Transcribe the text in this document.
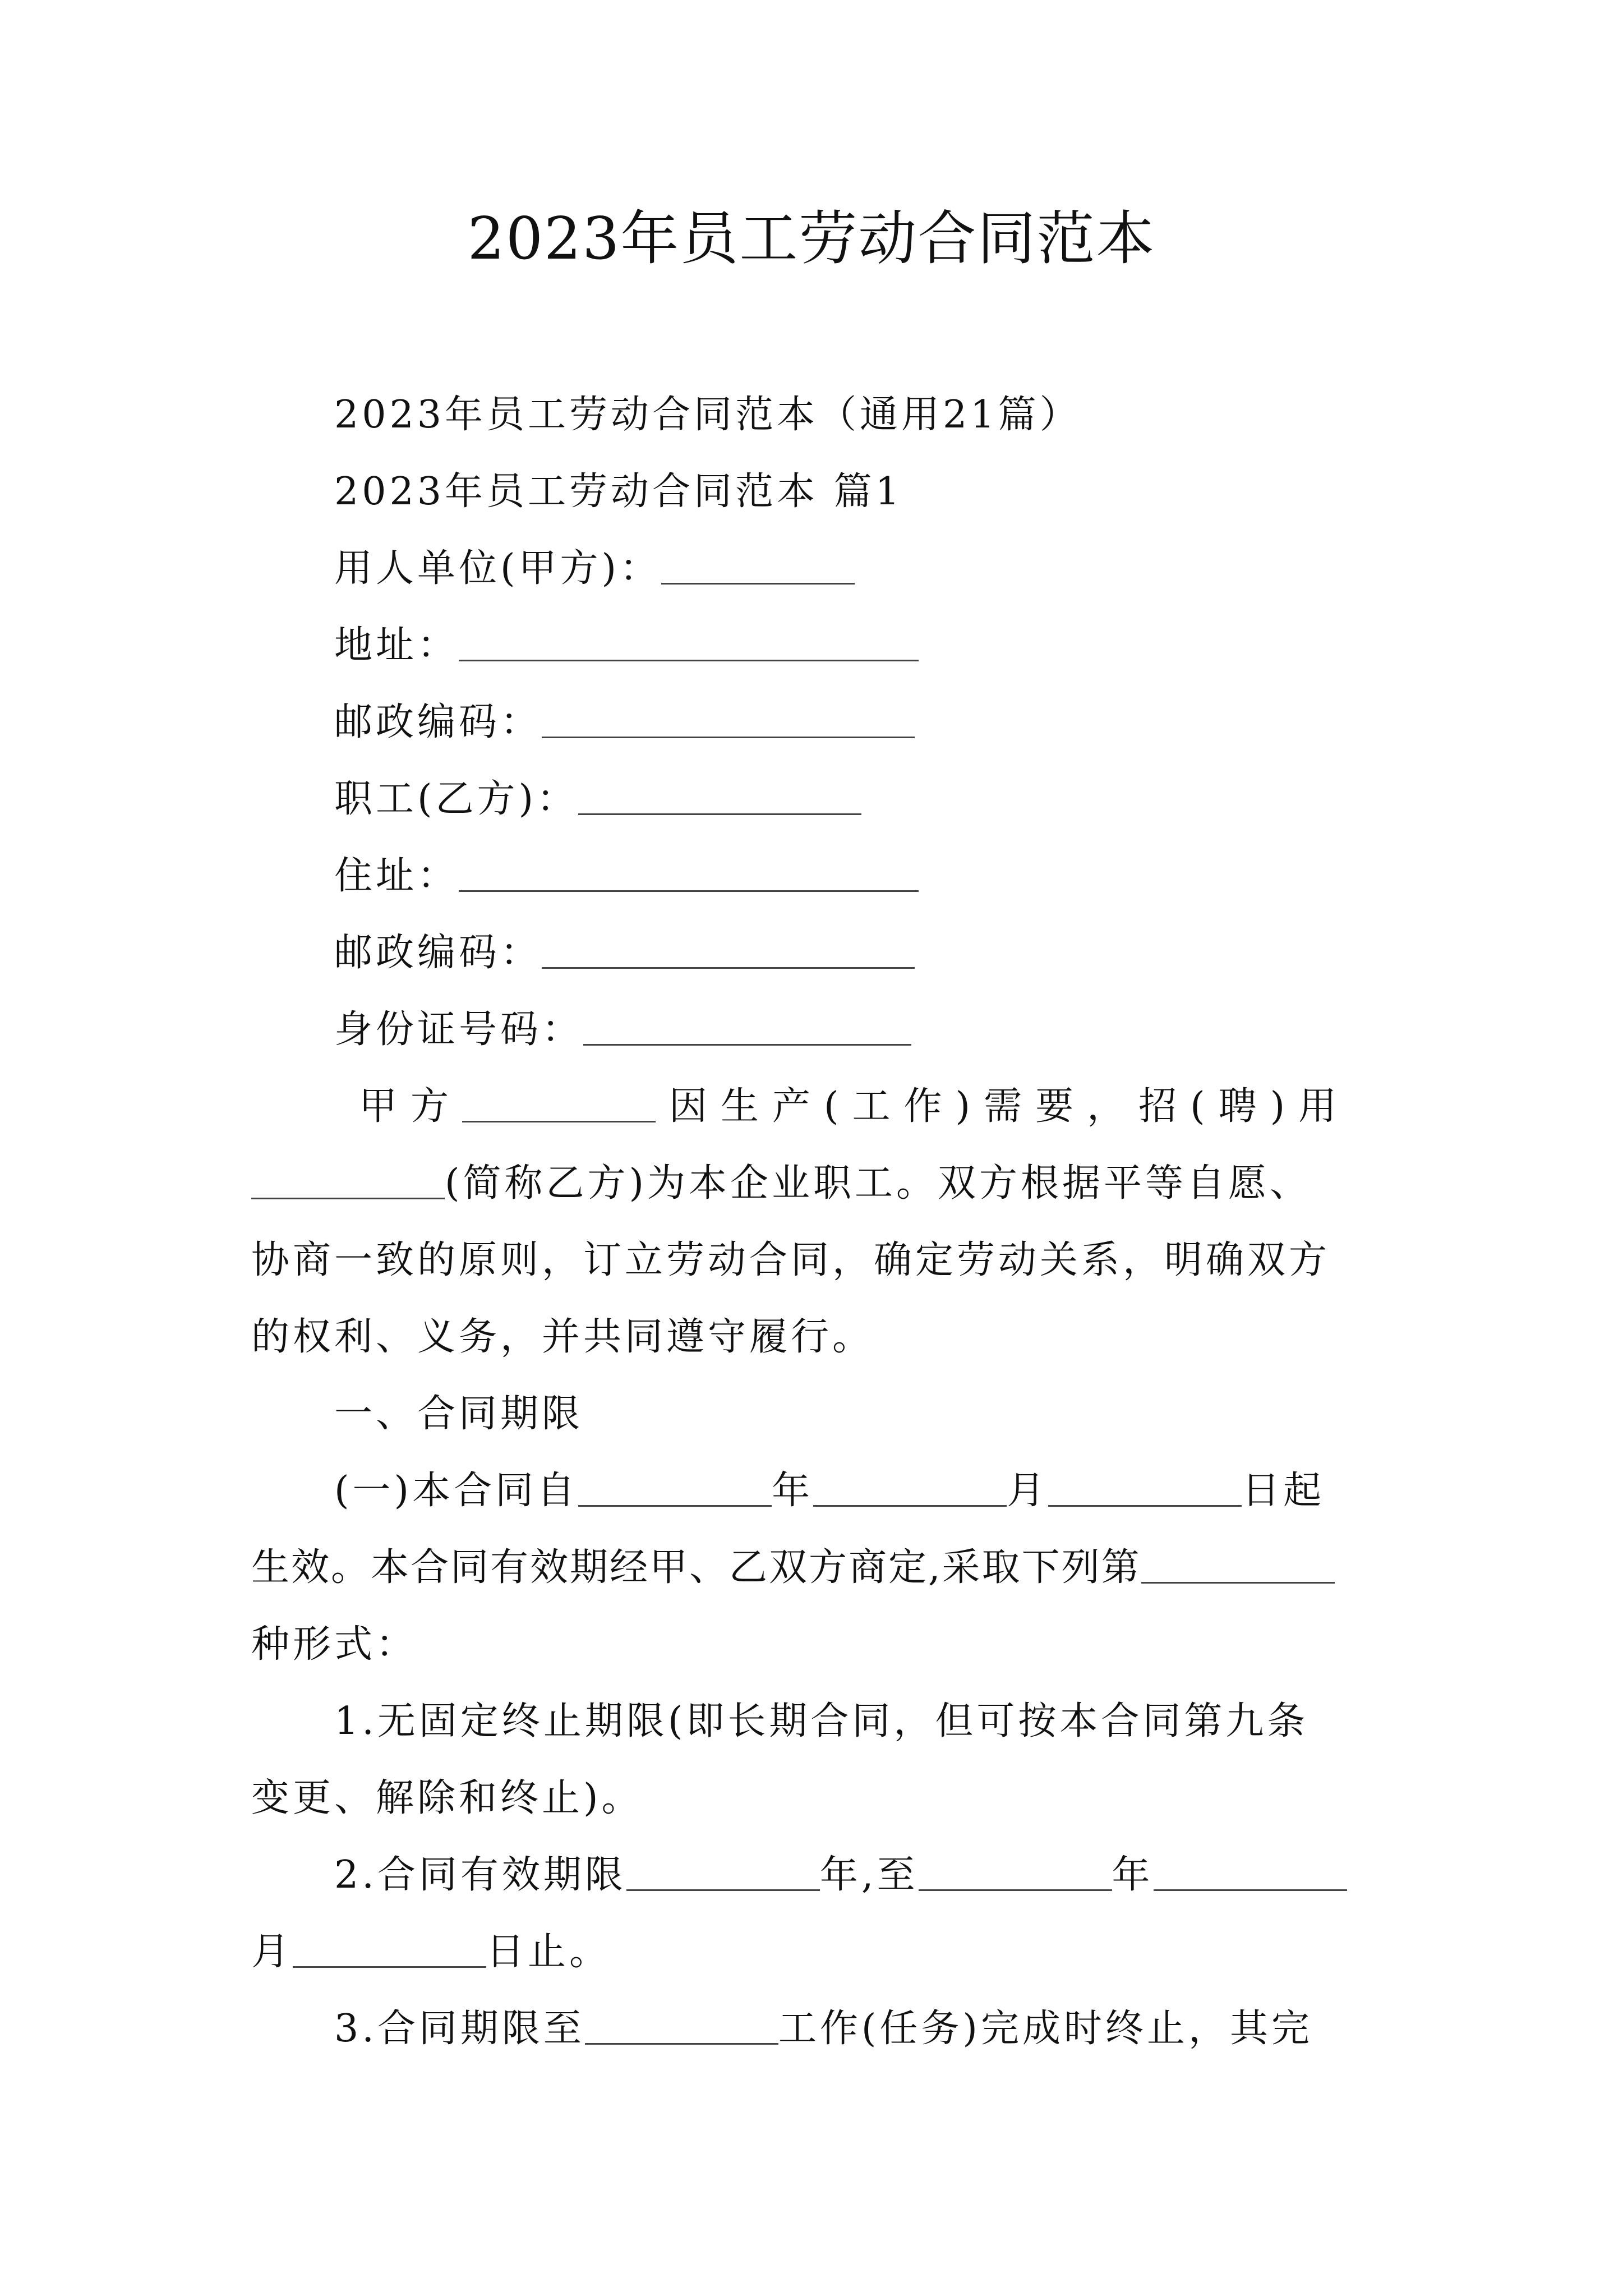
2023年员工劳动合同范本
2023年员工劳动合同范本（通用21篇）
2023年员工劳动合同范本 篇1
用人单位(甲方)：
地址：
邮政编码：
职工(乙方)：
住址：
邮政编码：
身份证号码：
甲方	因生产(工作)需要，招(聘)用
(简称乙方)为本企业职工。双方根据平等自愿、
协商一致的原则，订立劳动合同，确定劳动关系，明确双方
的权利、义务，并共同遵守履行。
一、合同期限
(一)本合同自	年	月	日起
生效。本合同有效期经甲、乙双方商定,采取下列第
种形式：
1.无固定终止期限(即长期合同，但可按本合同第九条
变更、解除和终止)。
2.合同有效期限	年,至	年
月	日止。
3.合同期限至	工作(任务)完成时终止，其完
